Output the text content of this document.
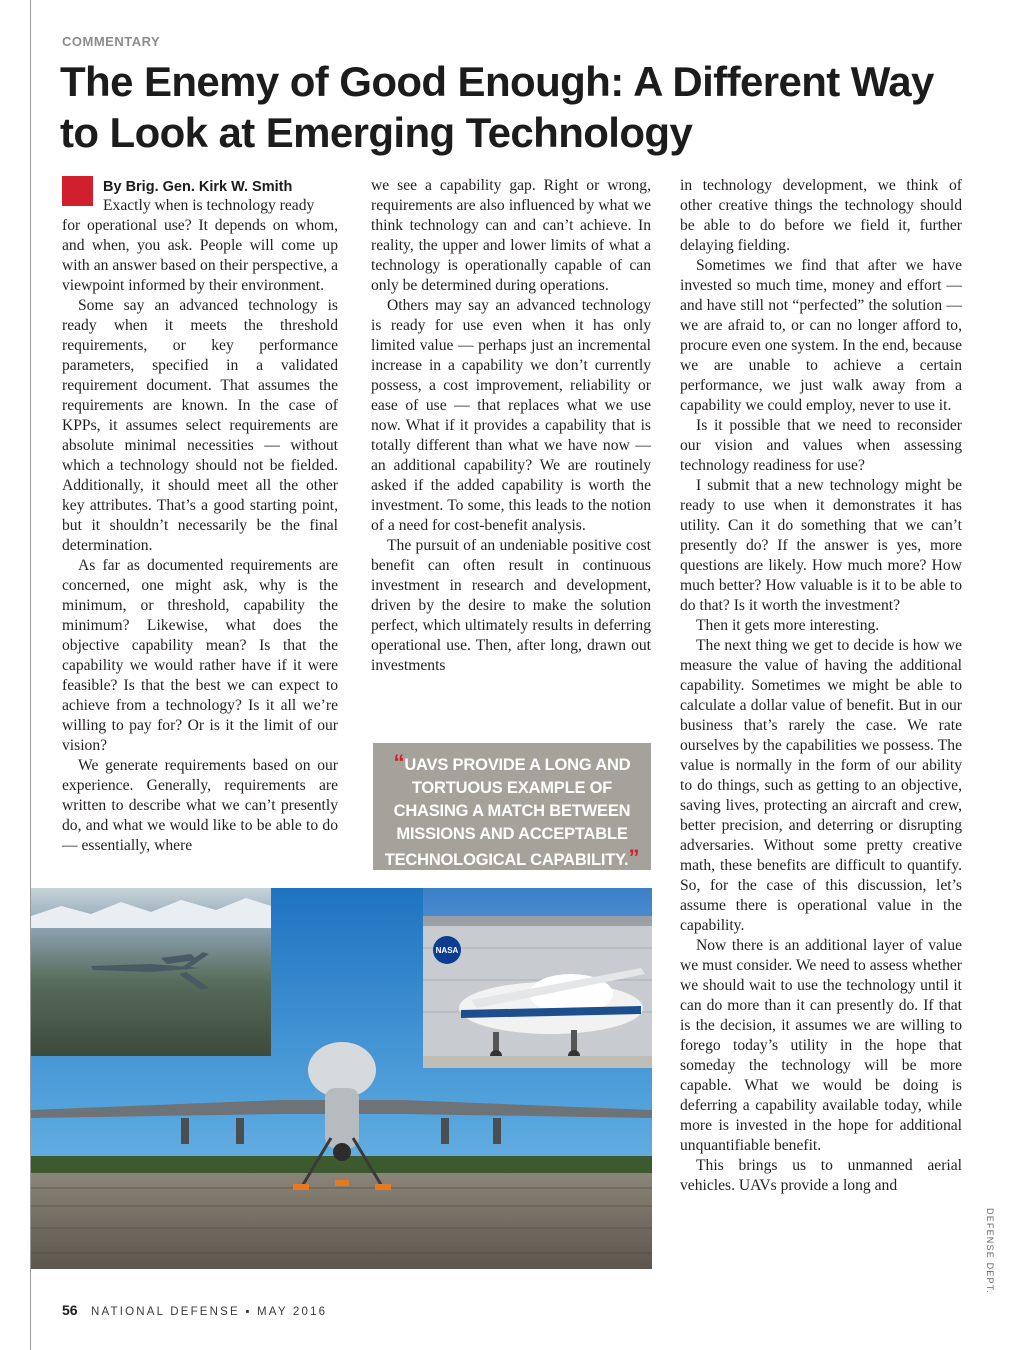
COMMENTARY
The Enemy of Good Enough: A Different Way to Look at Emerging Technology
By Brig. Gen. Kirk W. Smith

Exactly when is technology ready

for operational use? It depends on whom, and when, you ask. People will come up with an answer based on their perspective, a viewpoint informed by their environment.

Some say an advanced technology is ready when it meets the threshold requirements, or key performance parameters, specified in a validated requirement document. That assumes the requirements are known. In the case of KPPs, it assumes select requirements are absolute minimal necessities — without which a technology should not be fielded. Additionally, it should meet all the other key attributes. That’s a good starting point, but it shouldn’t necessarily be the final determination.

As far as documented requirements are concerned, one might ask, why is the minimum, or threshold, capability the minimum? Likewise, what does the objective capability mean? Is that the capability we would rather have if it were feasible? Is that the best we can expect to achieve from a technology? Is it all we’re willing to pay for? Or is it the limit of our vision?

We generate requirements based on our experience. Generally, requirements are written to describe what we can’t presently do, and what we would like to be able to do — essentially, where

we see a capability gap. Right or wrong, requirements are also influenced by what we think technology can and can’t achieve. In reality, the upper and lower limits of what a technology is operationally capable of can only be determined during operations.

Others may say an advanced technology is ready for use even when it has only limited value — perhaps just an incremental increase in a capability we don’t currently possess, a cost improvement, reliability or ease of use — that replaces what we use now. What if it provides a capability that is totally different than what we have now — an additional capability? We are routinely asked if the added capability is worth the investment. To some, this leads to the notion of a need for cost-benefit analysis.

The pursuit of an undeniable positive cost benefit can often result in continuous investment in research and development, driven by the desire to make the solution perfect, which ultimately results in deferring operational use. Then, after long, drawn out investments

“UAVS PROVIDE A LONG AND TORTUOUS EXAMPLE OF CHASING A MATCH BETWEEN MISSIONS AND ACCEPTABLE TECHNOLOGICAL CAPABILITY.”

in technology development, we think of other creative things the technology should be able to do before we field it, further delaying fielding.

Sometimes we find that after we have invested so much time, money and effort — and have still not “perfected” the solution — we are afraid to, or can no longer afford to, procure even one system. In the end, because we are unable to achieve a certain performance, we just walk away from a capability we could employ, never to use it.

Is it possible that we need to reconsider our vision and values when assessing technology readiness for use?

I submit that a new technology might be ready to use when it demonstrates it has utility. Can it do something that we can’t presently do? If the answer is yes, more questions are likely. How much more? How much better? How valuable is it to be able to do that? Is it worth the investment?

Then it gets more interesting.

The next thing we get to decide is how we measure the value of having the additional capability. Sometimes we might be able to calculate a dollar value of benefit. But in our business that’s rarely the case. We rate ourselves by the capabilities we possess. The value is normally in the form of our ability to do things, such as getting to an objective, saving lives, protecting an aircraft and crew, better precision, and deterring or disrupting adversaries. Without some pretty creative math, these benefits are difficult to quantify. So, for the case of this discussion, let’s assume there is operational value in the capability.

Now there is an additional layer of value we must consider. We need to assess whether we should wait to use the technology until it can do more than it can presently do. If that is the decision, it assumes we are willing to forego today’s utility in the hope that someday the technology will be more capable. What we would be doing is deferring a capability available today, while more is invested in the hope for additional unquantifiable benefit.

This brings us to unmanned aerial vehicles. UAVs provide a long and

NASA
DEFENSE DEPT.
56 NATIONAL DEFENSE ▪ MAY 2016
